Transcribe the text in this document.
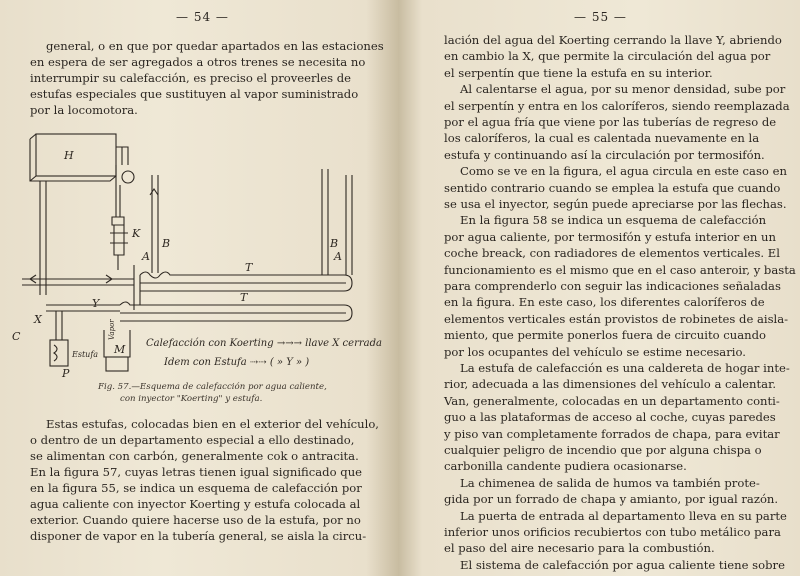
— 54 —
general, o en que por quedar apartados en las estaciones
en espera de ser agregados a otros trenes se necesita no
interrumpir su calefacción, es preciso el proveerles de
estufas especiales que sustituyen al vapor suministrado
por la locomotora.
H
K
C
M
X
Y
P
A
B
A
B
T
T
Estufa
Vapor
Calefacción con Koerting →→→ llave X cerrada
Idem con Estufa ⇢⇢ ( » Y » )
Fig. 57.—Esquema de calefacción por agua caliente,
con inyector "Koerting" y estufa.
Estas estufas, colocadas bien en el exterior del vehículo,
o dentro de un departamento especial a ello destinado,
se alimentan con carbón, generalmente cok o antracita.
En la figura 57, cuyas letras tienen igual significado que
en la figura 55, se indica un esquema de calefacción por
agua caliente con inyector Koerting y estufa colocada al
exterior. Cuando quiere hacerse uso de la estufa, por no
disponer de vapor en la tubería general, se aisla la circu-
— 55 —
lación del agua del Koerting cerrando la llave Y, abriendo
en cambio la X, que permite la circulación del agua por
el serpentín que tiene la estufa en su interior.
Al calentarse el agua, por su menor densidad, sube por
el serpentín y entra en los caloríferos, siendo reemplazada
por el agua fría que viene por las tuberías de regreso de
los caloríferos, la cual es calentada nuevamente en la
estufa y continuando así la circulación por termosifón.
Como se ve en la figura, el agua circula en este caso en
sentido contrario cuando se emplea la estufa que cuando
se usa el inyector, según puede apreciarse por las flechas.
En la figura 58 se indica un esquema de calefacción
por agua caliente, por termosifón y estufa interior en un
coche breack, con radiadores de elementos verticales. El
funcionamiento es el mismo que en el caso anteroir, y basta
para comprenderlo con seguir las indicaciones señaladas
en la figura. En este caso, los diferentes caloríferos de
elementos verticales están provistos de robinetes de aisla-
miento, que permite ponerlos fuera de circuito cuando
por los ocupantes del vehículo se estime necesario.
La estufa de calefacción es una caldereta de hogar inte-
rior, adecuada a las dimensiones del vehículo a calentar.
Van, generalmente, colocadas en un departamento conti-
guo a las plataformas de acceso al coche, cuyas paredes
y piso van completamente forrados de chapa, para evitar
cualquier peligro de incendio que por alguna chispa o
carbonilla candente pudiera ocasionarse.
La chimenea de salida de humos va también prote-
gida por un forrado de chapa y amianto, por igual razón.
La puerta de entrada al departamento lleva en su parte
inferior unos orificios recubiertos con tubo metálico para
el paso del aire necesario para la combustión.
El sistema de calefacción por agua caliente tiene sobre
